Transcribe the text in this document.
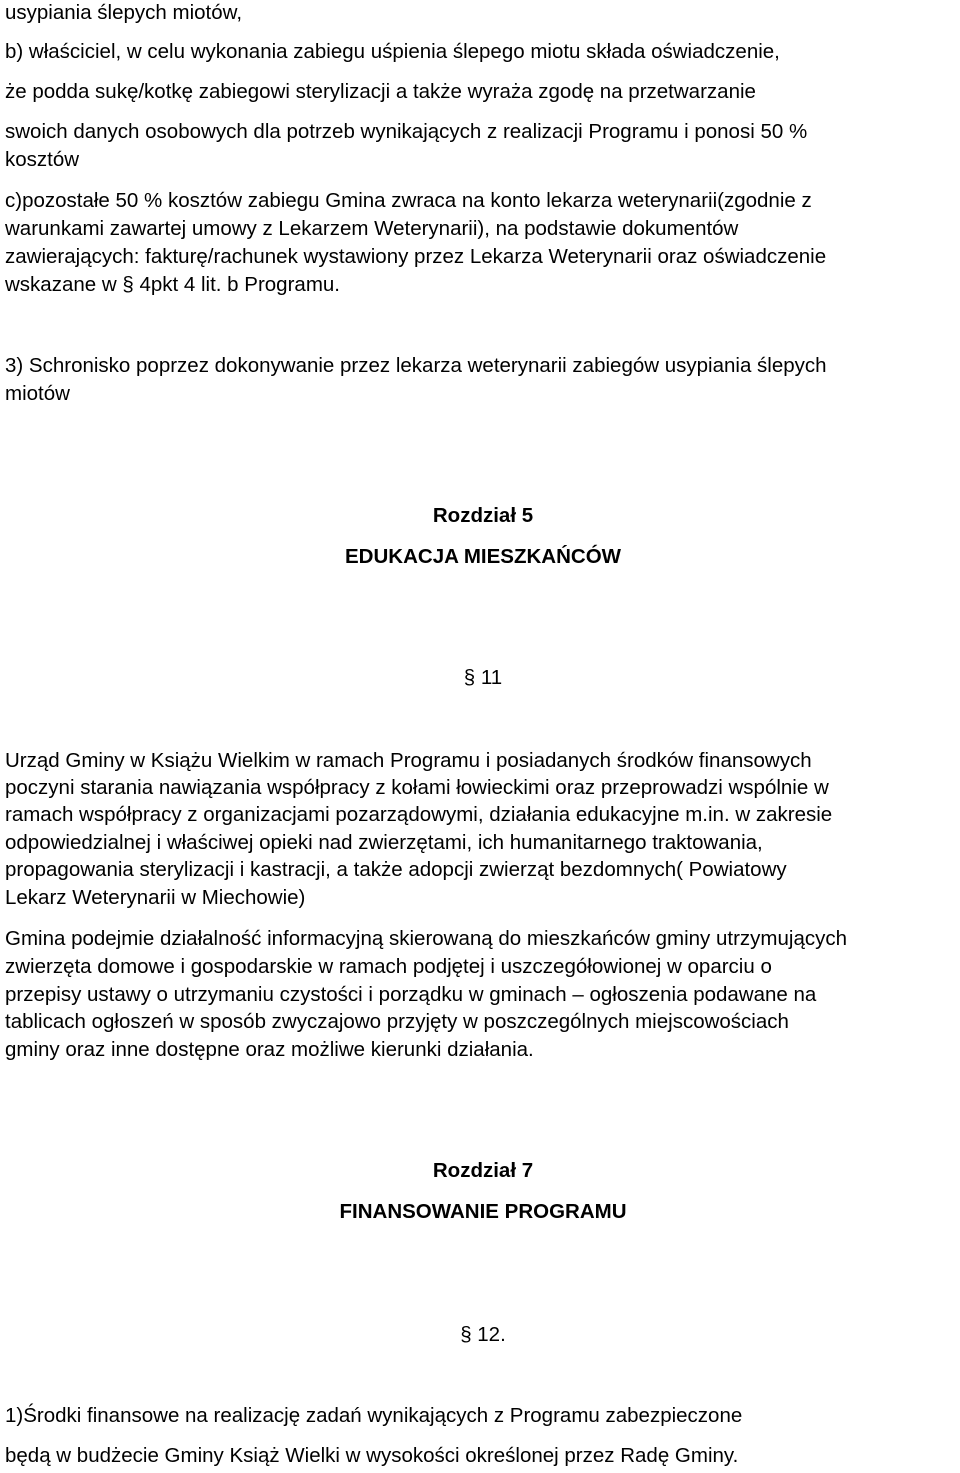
usypiania ślepych miotów,
b) właściciel, w celu wykonania zabiegu uśpienia ślepego miotu składa oświadczenie,
że podda sukę/kotkę zabiegowi sterylizacji a także wyraża zgodę na przetwarzanie
swoich danych osobowych dla potrzeb wynikających z realizacji Programu i ponosi 50 %
kosztów
c)pozostałe 50 % kosztów zabiegu Gmina zwraca na konto lekarza weterynarii(zgodnie z
warunkami zawartej umowy z Lekarzem Weterynarii), na podstawie dokumentów
zawierających: fakturę/rachunek wystawiony przez Lekarza Weterynarii oraz oświadczenie
wskazane w § 4pkt 4 lit. b Programu.
3) Schronisko poprzez dokonywanie przez lekarza weterynarii zabiegów usypiania ślepych
miotów
Rozdział 5
EDUKACJA MIESZKAŃCÓW
§ 11
Urząd Gminy w Książu Wielkim w ramach Programu i posiadanych środków finansowych
poczyni starania nawiązania współpracy z kołami łowieckimi oraz przeprowadzi wspólnie w
ramach współpracy z organizacjami pozarządowymi, działania edukacyjne m.in. w zakresie
odpowiedzialnej i właściwej opieki nad zwierzętami, ich humanitarnego traktowania,
propagowania sterylizacji i kastracji, a także adopcji zwierząt bezdomnych( Powiatowy
Lekarz Weterynarii w Miechowie)
Gmina podejmie działalność informacyjną skierowaną do mieszkańców gminy utrzymujących
zwierzęta domowe i gospodarskie w ramach podjętej i uszczegółowionej w oparciu o
przepisy ustawy o utrzymaniu czystości i porządku w gminach – ogłoszenia podawane na
tablicach ogłoszeń w sposób zwyczajowo przyjęty w poszczególnych miejscowościach
gminy oraz inne dostępne oraz możliwe kierunki działania.
Rozdział 7
FINANSOWANIE PROGRAMU
§ 12.
1)Środki finansowe na realizację zadań wynikających z Programu zabezpieczone
będą w budżecie Gminy Książ Wielki w wysokości określonej przez Radę Gminy.
